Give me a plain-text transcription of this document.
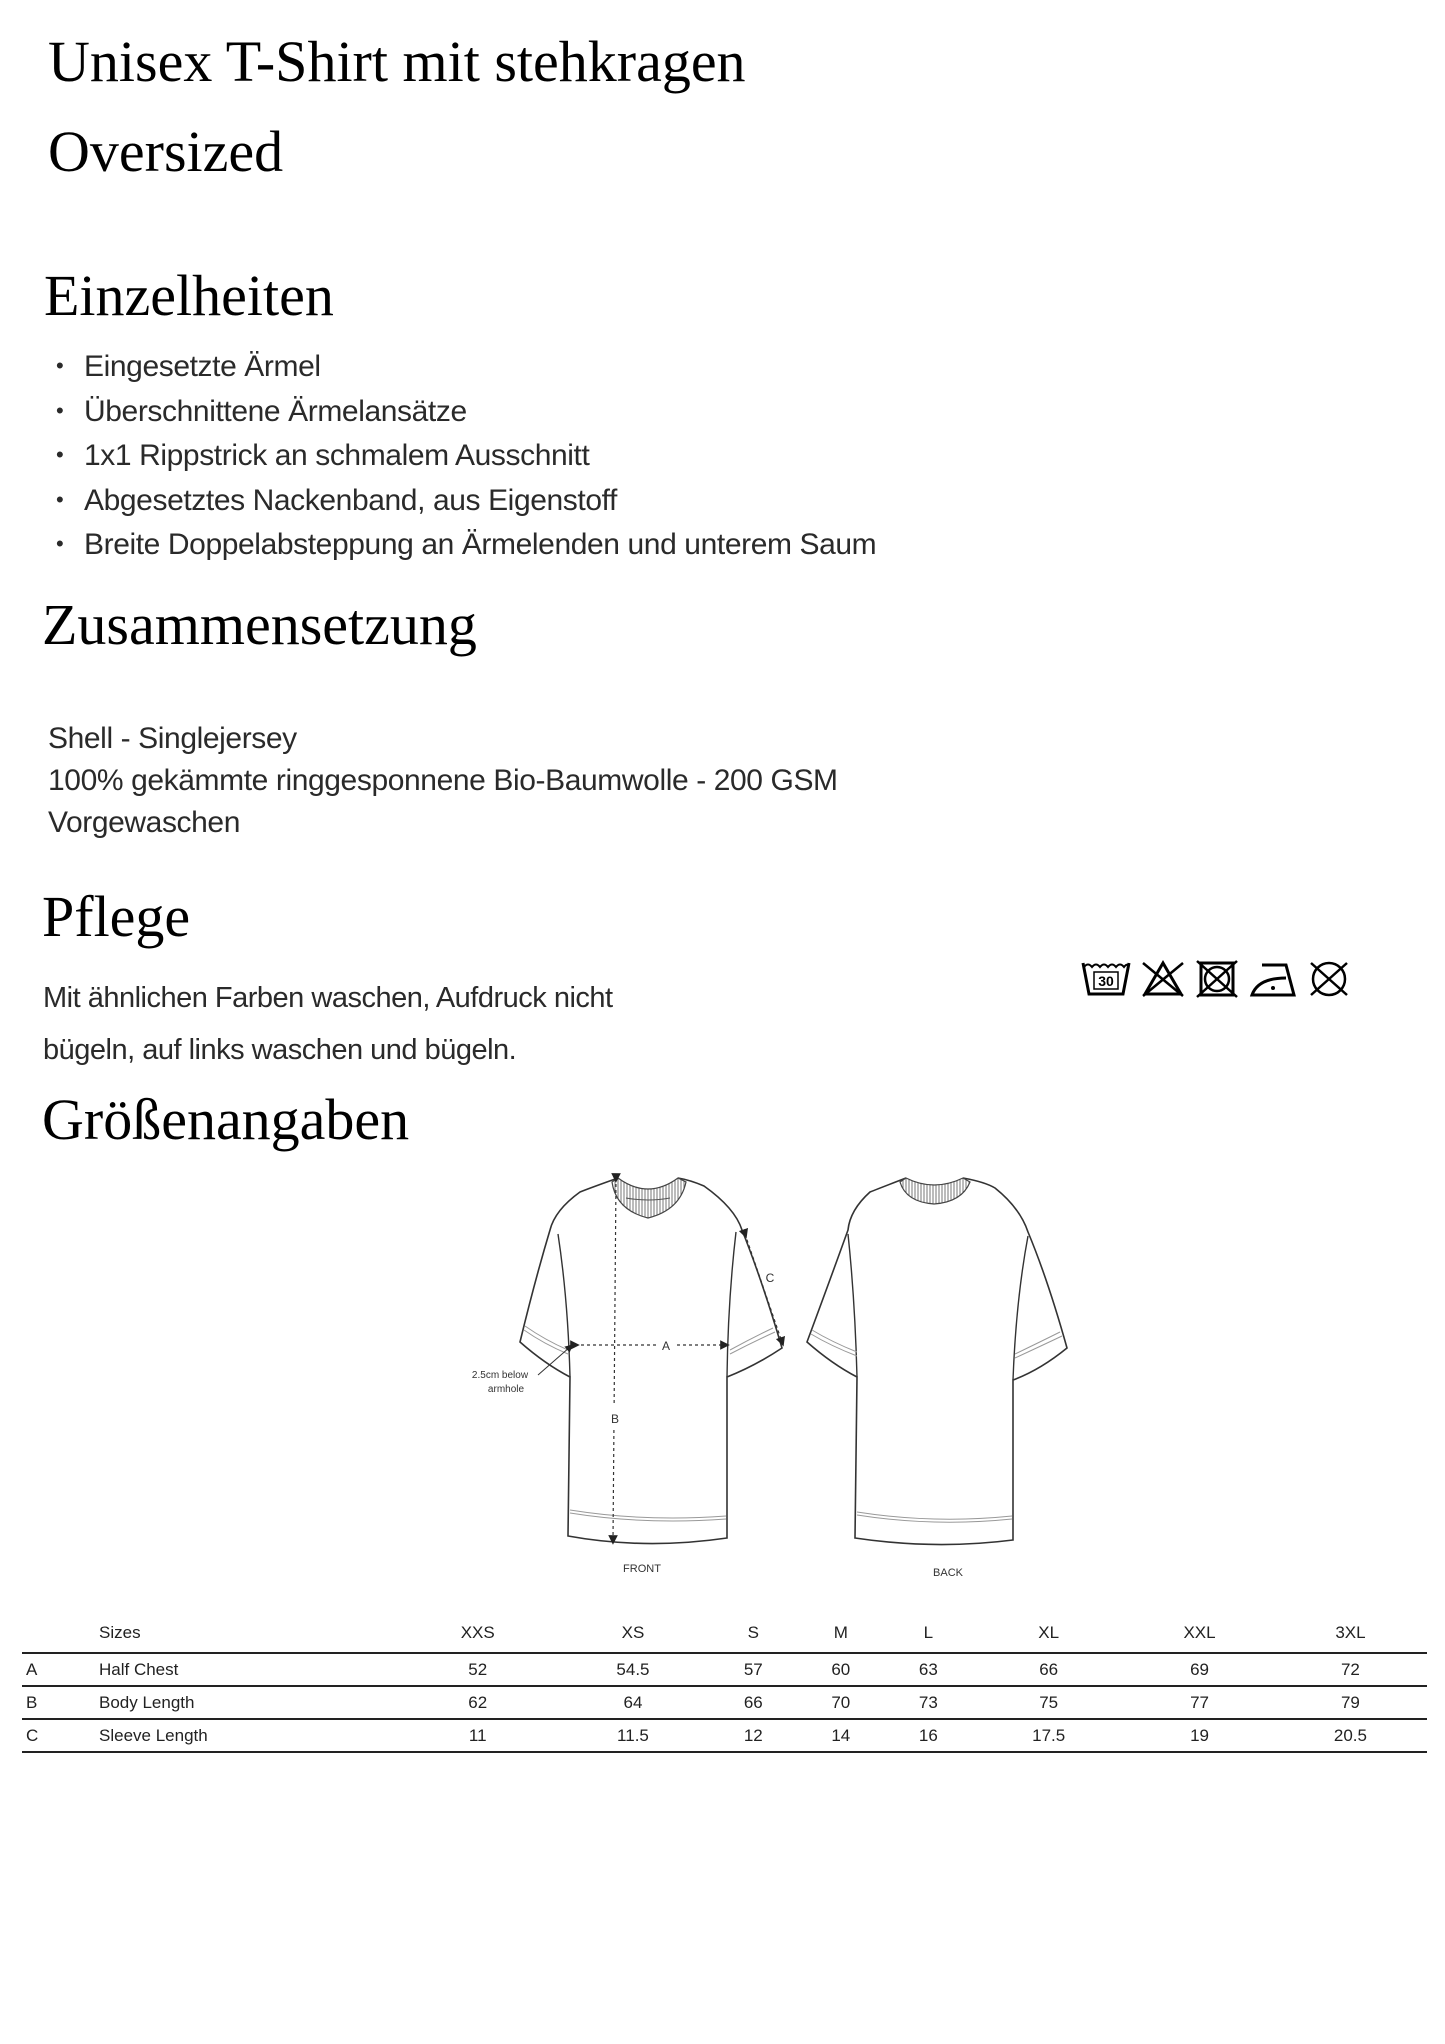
Unisex T-Shirt mit stehkragen
Oversized
Einzelheiten
• Eingesetzte Ärmel
• Überschnittene Ärmelansätze
• 1x1 Rippstrick an schmalem Ausschnitt
• Abgesetztes Nackenband, aus Eigenstoff
• Breite Doppelabsteppung an Ärmelenden und unterem Saum
Zusammensetzung
Shell - Singlejersey
100% gekämmte ringgesponnene Bio-Baumwolle - 200 GSM
Vorgewaschen
Pflege
Mit ähnlichen Farben waschen, Aufdruck nicht
bügeln, auf links waschen und bügeln.
30
Größenangaben
A
B
C
2.5cm below
armhole
FRONT	BACK
	Sizes	XXS	XS	S	M	L	XL	XXL	3XL
A	Half Chest	52	54.5	57	60	63	66	69	72
B	Body Length	62	64	66	70	73	75	77	79
C	Sleeve Length	11	11.5	12	14	16	17.5	19	20.5
